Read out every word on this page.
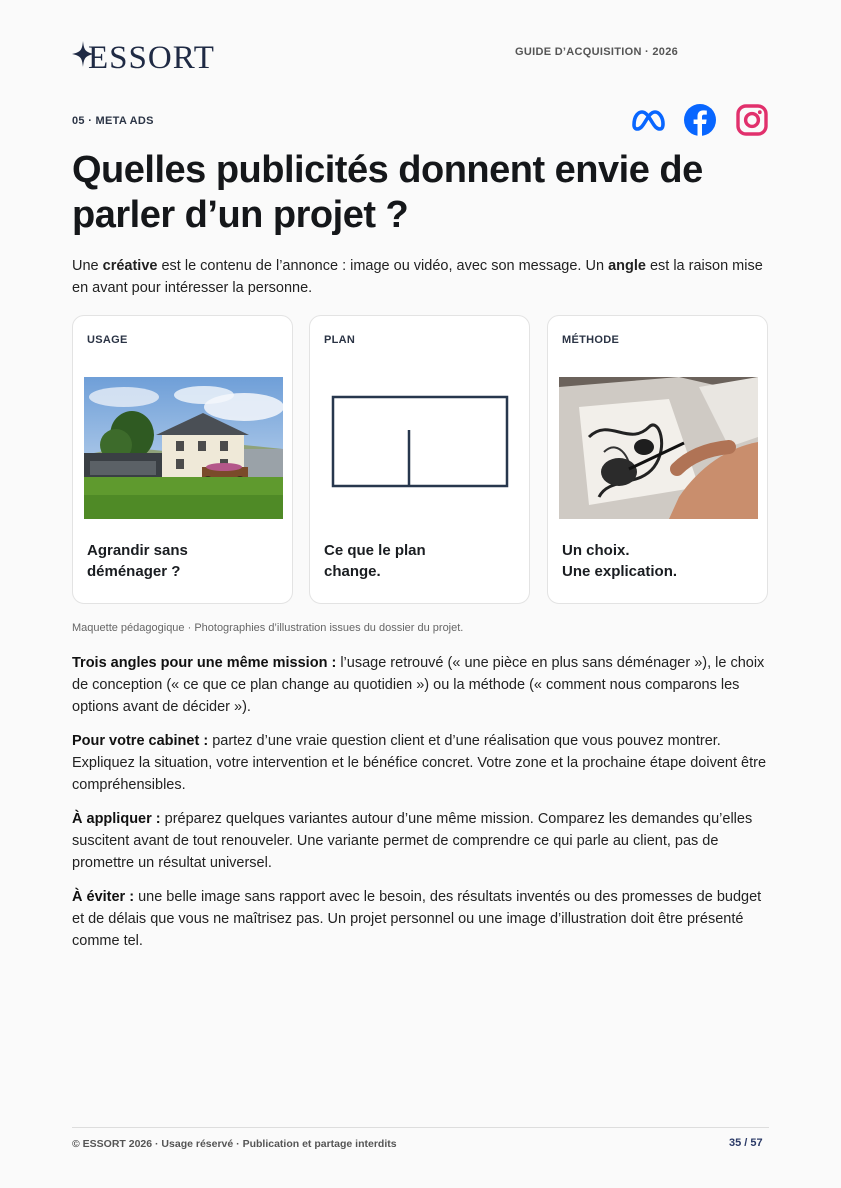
ESSORT	GUIDE D’ACQUISITION · 2026
05 · META ADS
Quelles publicités donnent envie de
parler d’un projet ?

Une créative est le contenu de l’annonce : image ou vidéo, avec son message. Un angle est la raison mise en avant pour intéresser la personne.

USAGE
Agrandir sans
déménager ?
PLAN
Ce que le plan
change.
MÉTHODE
Un choix.
Une explication.
Maquette pédagogique · Photographies d’illustration issues du dossier du projet.

Trois angles pour une même mission : l’usage retrouvé (« une pièce en plus sans déménager »), le choix de conception (« ce que ce plan change au quotidien ») ou la méthode (« comment nous comparons les options avant de décider »).

Pour votre cabinet : partez d’une vraie question client et d’une réalisation que vous pouvez montrer. Expliquez la situation, votre intervention et le bénéfice concret. Votre zone et la prochaine étape doivent être compréhensibles.

À appliquer : préparez quelques variantes autour d’une même mission. Comparez les demandes qu’elles suscitent avant de tout renouveler. Une variante permet de comprendre ce qui parle au client, pas de promettre un résultat universel.

À éviter : une belle image sans rapport avec le besoin, des résultats inventés ou des promesses de budget et de délais que vous ne maîtrisez pas. Un projet personnel ou une image d’illustration doit être présenté comme tel.

© ESSORT 2026 · Usage réservé · Publication et partage interdits	35 / 57
